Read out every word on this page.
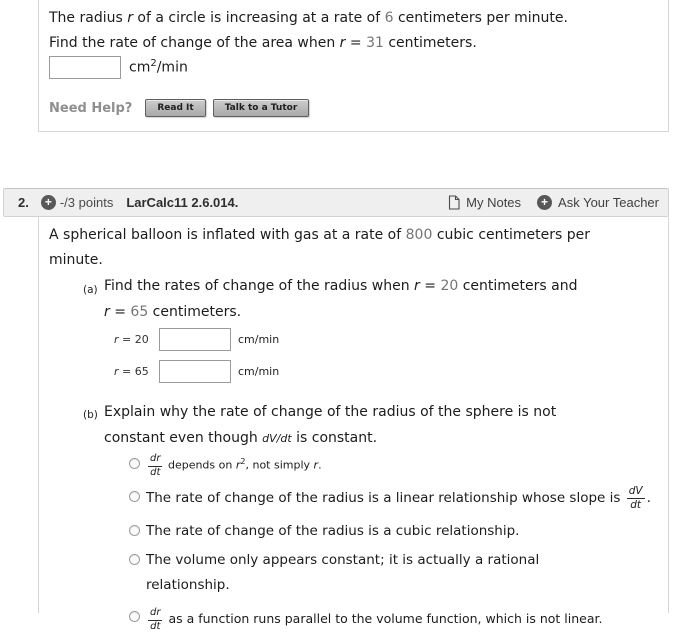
The radius r of a circle is increasing at a rate of 6 centimeters per minute.
Find the rate of change of the area when r = 31 centimeters.
$cm^2/\min$
Need Help?	Read It	Talk to a Tutor
2.	+ -/3 points LarCalc11 2.6.014.	My Notes	+ Ask Your Teacher
A spherical balloon is inflated with gas at a rate of 800 cubic centimeters per
minute.
(a) Find the rates of change of the radius when r = 20 centimeters and
r = 65 centimeters.
r = 20	cm/min
r = 65	cm/min
(b) Explain why the rate of change of the radius of the sphere is not
constant even though dV/dt is constant.
$\frac{dr}{dt}$ depends on $r^2$, not simply r.
The rate of change of the radius is a linear relationship whose slope is $\frac{dV}{dt}$ .
The rate of change of the radius is a cubic relationship.
The volume only appears constant; it is actually a rational
relationship.
$\frac{dr}{dt}$ as a function runs parallel to the volume function, which is not linear.
